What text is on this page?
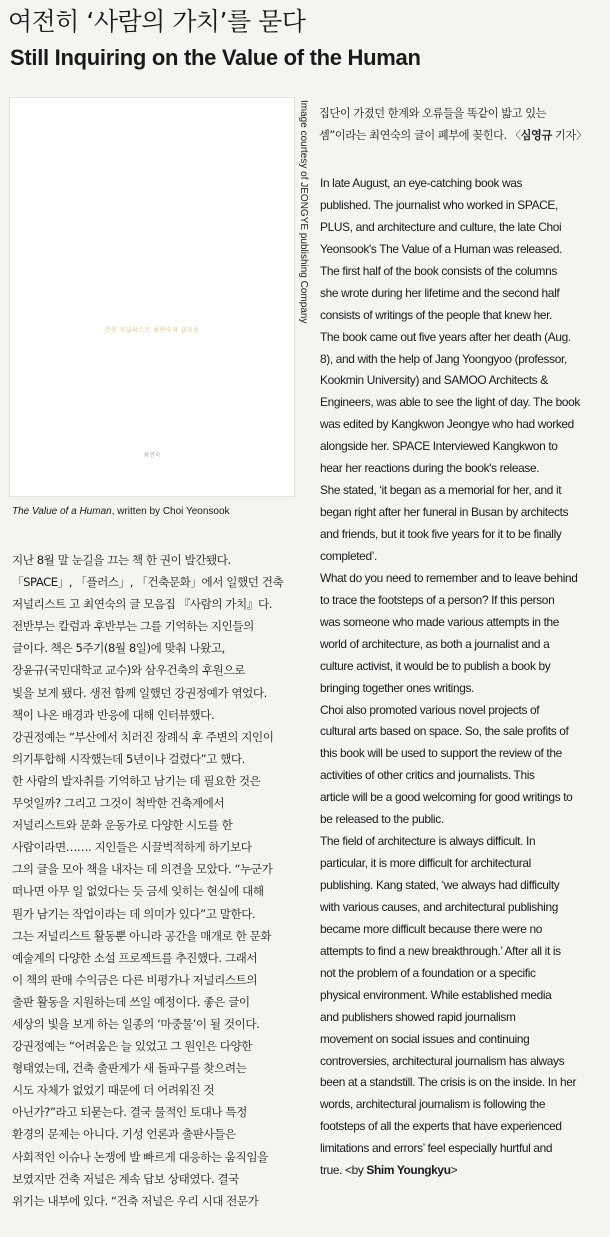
여전히 ‘사람의 가치’를 묻다
Still Inquiring on the Value of the Human
건축 저널리스트 최연숙의 글모음
최연숙
Image courtesy of JEONGYE publishing Company
The Value of a Human, written by Choi Yeonsook
지난 8월 말 눈길을 끄는 책 한 권이 발간됐다.
「SPACE」, 「플러스」, 「건축문화」에서 일했던 건축
저널리스트 고 최연숙의 글 모음집 『사람의 가치』다.
전반부는 칼럼과 후반부는 그를 기억하는 지인들의
글이다. 책은 5주기(8월 8일)에 맞춰 나왔고,
장윤규(국민대학교 교수)와 삼우건축의 후원으로
빛을 보게 됐다. 생전 함께 일했던 강권정예가 엮었다.
책이 나온 배경과 반응에 대해 인터뷰했다.
강권정예는 “부산에서 치러진 장례식 후 주변의 지인이
의기투합해 시작했는데 5년이나 걸렸다”고 했다.
한 사람의 발자취를 기억하고 남기는 데 필요한 것은
무엇일까? 그리고 그것이 척박한 건축계에서
저널리스트와 문화 운동가로 다양한 시도를 한
사람이라면……. 지인들은 시끌벅적하게 하기보다
그의 글을 모아 책을 내자는 데 의견을 모았다. “누군가
떠나면 아무 일 없었다는 듯 금세 잊히는 현실에 대해
뭔가 남기는 작업이라는 데 의미가 있다”고 말한다.
그는 저널리스트 활동뿐 아니라 공간을 매개로 한 문화
예술계의 다양한 소설 프로젝트를 추진했다. 그래서
이 책의 판매 수익금은 다른 비평가나 저널리스트의
출판 활동을 지원하는데 쓰일 예정이다. 좋은 글이
세상의 빛을 보게 하는 일종의 ‘마중물’이 될 것이다.
강권정예는 “어려움은 늘 있었고 그 원인은 다양한
형태였는데, 건축 출판계가 새 돌파구를 찾으려는
시도 자체가 없었기 때문에 더 어려워진 것
아닌가?”라고 되묻는다. 결국 물적인 토대나 특정
환경의 문제는 아니다. 기성 언론과 출판사들은
사회적인 이슈나 논쟁에 발 빠르게 대응하는 움직임을
보였지만 건축 저널은 계속 답보 상태였다. 결국
위기는 내부에 있다. “건축 저널은 우리 시대 전문가
집단이 가졌던 한계와 오류들을 똑같이 밟고 있는
셈”이라는 최연숙의 글이 폐부에 꽂힌다. 〈심영규 기자〉
In late August, an eye-catching book was
published. The journalist who worked in SPACE,
PLUS, and architecture and culture, the late Choi
Yeonsook's The Value of a Human was released.
The first half of the book consists of the columns
she wrote during her lifetime and the second half
consists of writings of the people that knew her.
The book came out five years after her death (Aug.
8), and with the help of Jang Yoongyoo (professor,
Kookmin University) and SAMOO Architects &
Engineers, was able to see the light of day. The book
was edited by Kangkwon Jeongye who had worked
alongside her. SPACE Interviewed Kangkwon to
hear her reactions during the book's release.
She stated, ‘it began as a memorial for her, and it
began right after her funeral in Busan by architects
and friends, but it took five years for it to be finally
completed’.
What do you need to remember and to leave behind
to trace the footsteps of a person? If this person
was someone who made various attempts in the
world of architecture, as both a journalist and a
culture activist, it would be to publish a book by
bringing together ones writings.
Choi also promoted various novel projects of
cultural arts based on space. So, the sale profits of
this book will be used to support the review of the
activities of other critics and journalists. This
article will be a good welcoming for good writings to
be released to the public.
The field of architecture is always difficult. In
particular, it is more difficult for architectural
publishing. Kang stated, ‘we always had difficulty
with various causes, and architectural publishing
became more difficult because there were no
attempts to find a new breakthrough.’ After all it is
not the problem of a foundation or a specific
physical environment. While established media
and publishers showed rapid journalism
movement on social issues and continuing
controversies, architectural journalism has always
been at a standstill. The crisis is on the inside. In her
words, architectural journalism is following the
footsteps of all the experts that have experienced
limitations and errors’ feel especially hurtful and
true. <by Shim Youngkyu>
